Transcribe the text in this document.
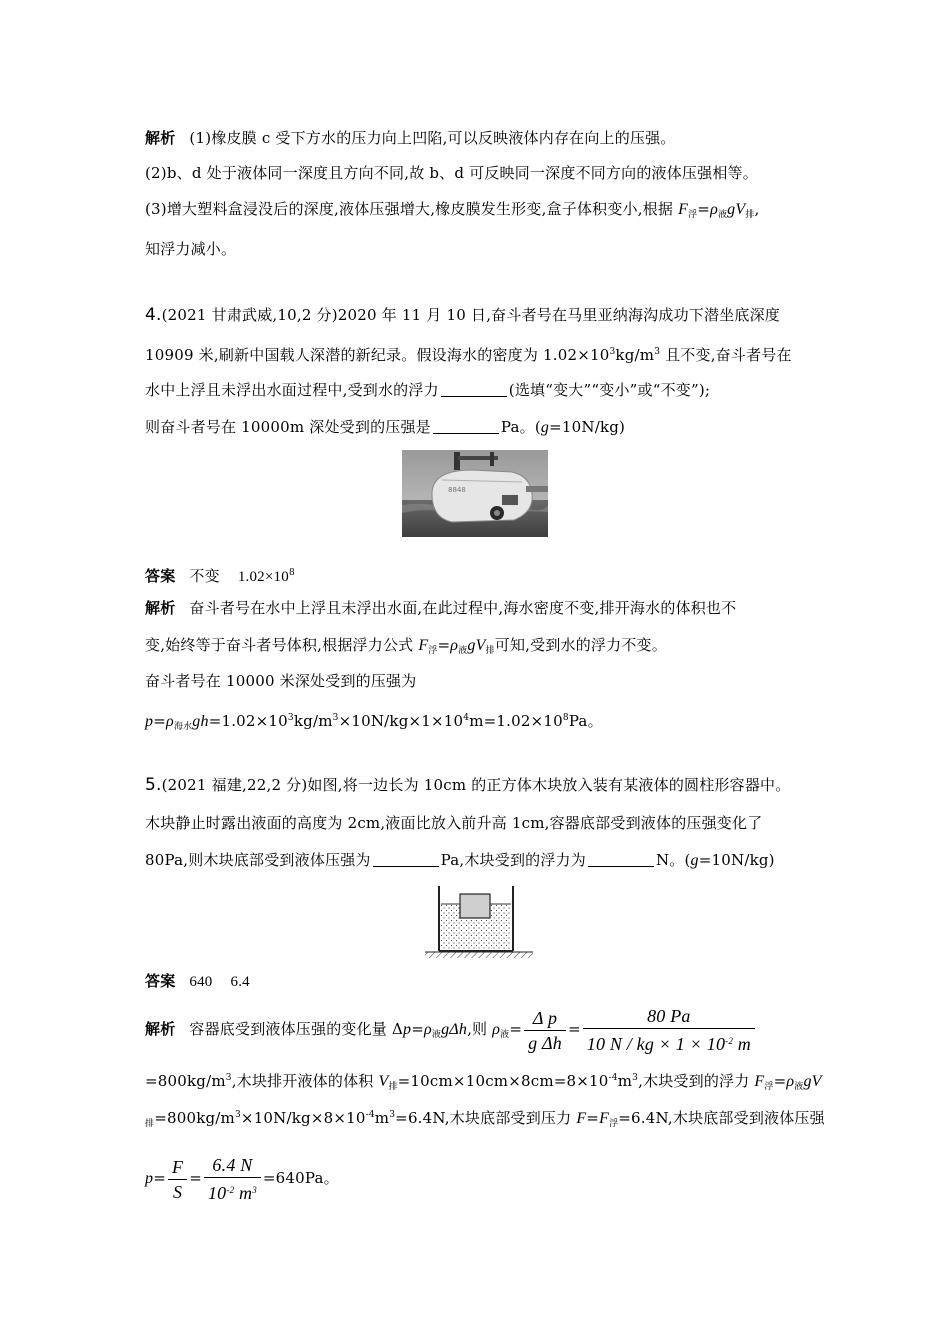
解析 (1)橡皮膜 c 受下方水的压力向上凹陷,可以反映液体内存在向上的压强。
(2)b、d 处于液体同一深度且方向不同,故 b、d 可反映同一深度不同方向的液体压强相等。
(3)增大塑料盒浸没后的深度,液体压强增大,橡皮膜发生形变,盒子体积变小,根据 $F_浮=\rho_液gV_排$,
知浮力减小。
4.(2021 甘肃武威,10,2 分)2020 年 11 月 10 日,奋斗者号在马里亚纳海沟成功下潜坐底深度
10909 米,刷新中国载人深潜的新纪录。假设海水的密度为 $1.02\times 10^3kg/m^3$ 且不变,奋斗者号在
水中上浮且未浮出水面过程中,受到水的浮力	(选填“变大”“变小”或“不变”);
则奋斗者号在 10000m 深处受到的压强是	Pa。(g=10N/kg)
8848
答案 不变 $1.02\times 10^8$
解析 奋斗者号在水中上浮且未浮出水面,在此过程中,海水密度不变,排开海水的体积也不
变,始终等于奋斗者号体积,根据浮力公式 $F_浮=\rho_液gV_排$可知,受到水的浮力不变。
奋斗者号在 10000 米深处受到的压强为
$p=\rho_{海水}gh=1.02\times 10^3kg/m^3\times 10N/kg\times 1\times 10^4m=1.02\times 10^8Pa$。
5.(2021 福建,22,2 分)如图,将一边长为 10cm 的正方体木块放入装有某液体的圆柱形容器中。
木块静止时露出液面的高度为 2cm,液面比放入前升高 1cm,容器底部受到液体的压强变化了
80Pa,则木块底部受到液体压强为	Pa,木块受到的浮力为	N。(g=10N/kg)
答案 640 6.4
解析 容器底受到液体压强的变化量 $\Delta p=\rho_液g\Delta h$,则 $\rho_液= \frac{\text{Δ p}}{\text{g Δh}} = \frac{80 Pa}{10 N / kg \times 1 \times 10^{-2} m}$
$=800kg/m^3$,木块排开液体的体积 $V_排=10cm\times 10cm\times 8cm=8\times 10^{-4}m^3$,木块受到的浮力 $F_浮=\rho_液gV$
$_排=800kg/m^3\times 10N/kg\times 8\times 10^{-4}m^3=6.4N$,木块底部受到压力 $F=F_浮=6.4N$,木块底部受到液体压强
$p= \frac{F}{S} = \frac{6.4 N}{10^{-2} m^3} =640Pa$。
